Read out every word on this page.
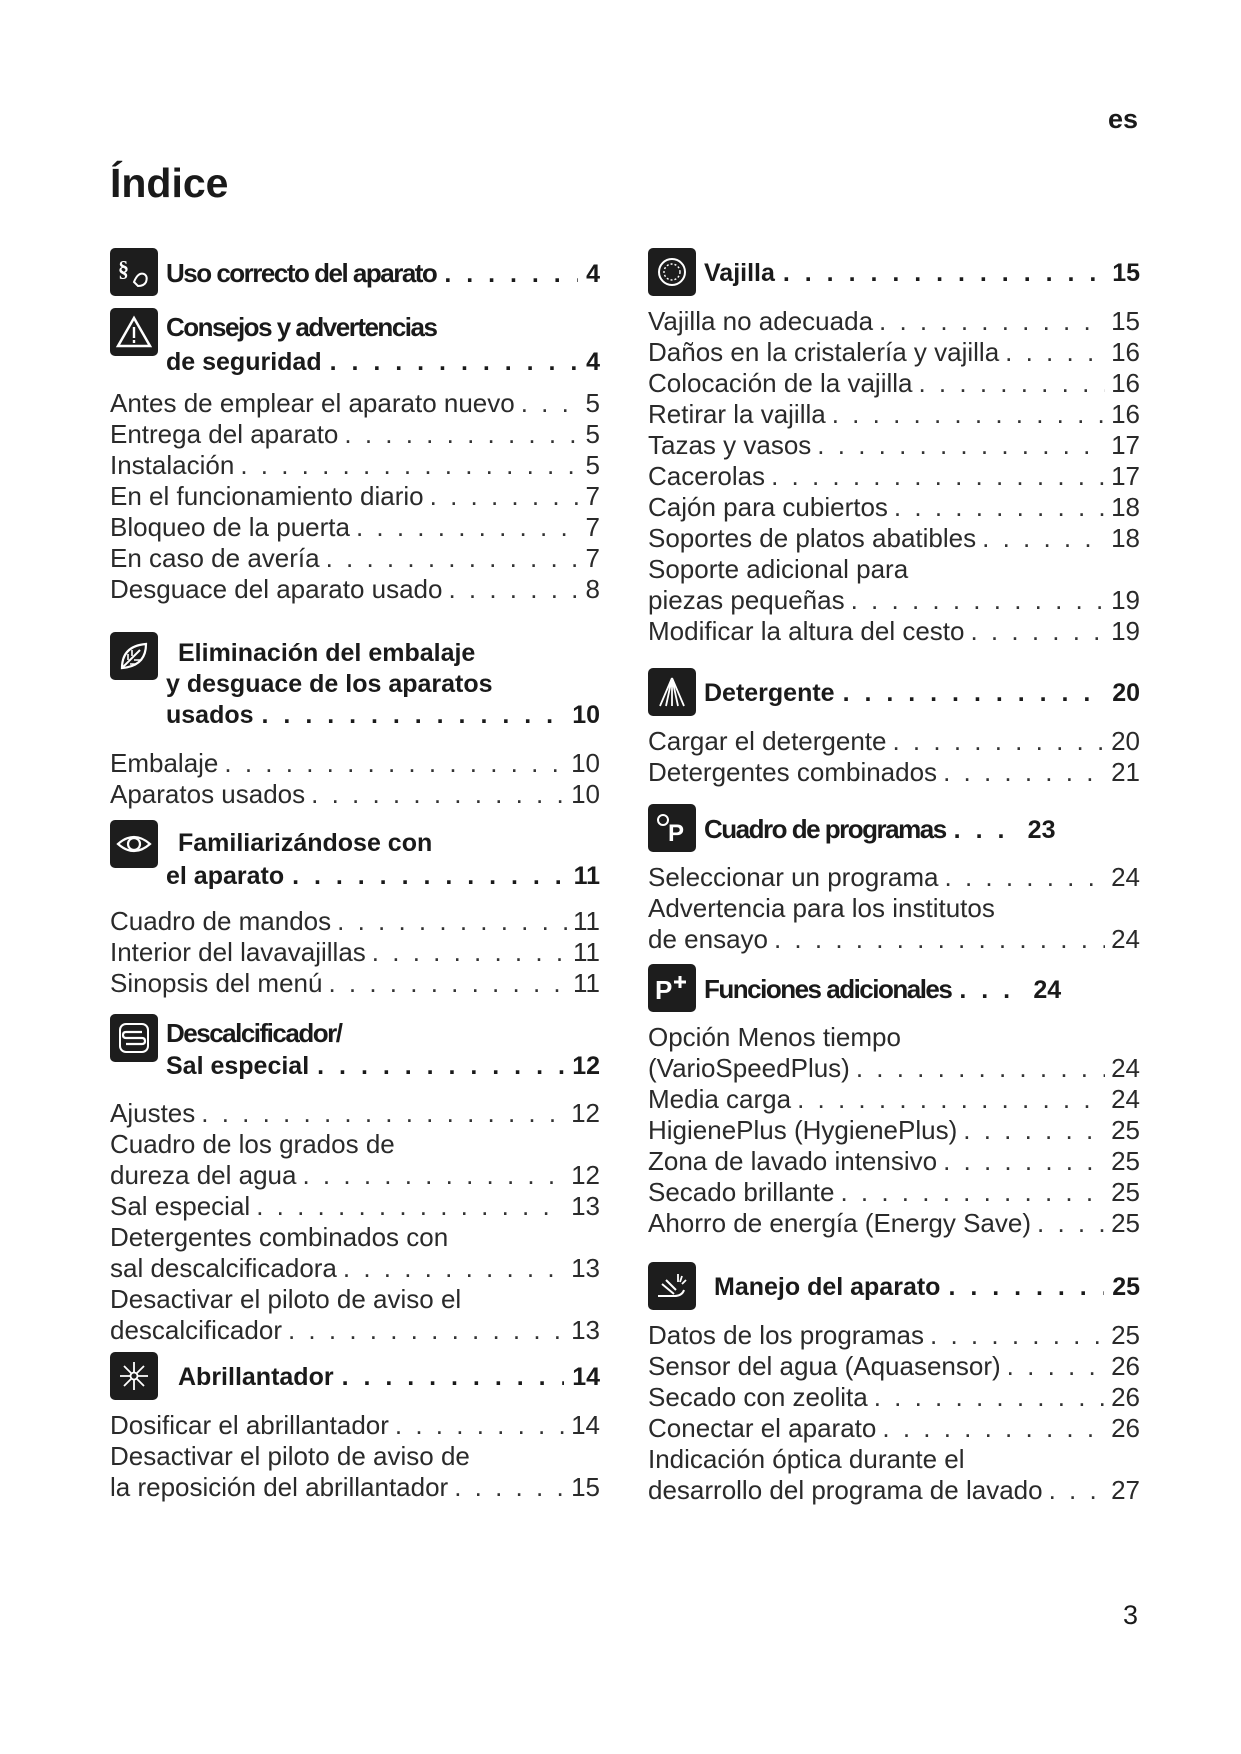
es
Índice
§ Uso correcto del aparato . . .	4
Consejos y advertencias
de seguridad . . .	4
Antes de emplear el aparato nuevo . . .	5
Entrega del aparato . . .	5
Instalación . . .	5
En el funcionamiento diario . . .	7
Bloqueo de la puerta . . .	7
En caso de avería . . .	7
Desguace del aparato usado . . .	8
Eliminación del embalaje
y desguace de los aparatos
usados . . .	10
Embalaje . . .	10
Aparatos usados . . .	10
Familiarizándose con
el aparato . . .	11
Cuadro de mandos . . .	11
Interior del lavavajillas . . .	11
Sinopsis del menú . . .	11
Descalcificador/
Sal especial . . .	12
Ajustes . . .	12
Cuadro de los grados de
dureza del agua . . .	12
Sal especial . . .	13
Detergentes combinados con
sal descalcificadora . . .	13
Desactivar el piloto de aviso el
descalcificador . . .	13
Abrillantador . . .	14
Dosificar el abrillantador . . .	14
Desactivar el piloto de aviso de
la reposición del abrillantador . . .	15
Vajilla . . .	15
Vajilla no adecuada . . .	15
Daños en la cristalería y vajilla . . .	16
Colocación de la vajilla . . .	16
Retirar la vajilla . . .	16
Tazas y vasos . . .	17
Cacerolas . . .	17
Cajón para cubiertos . . .	18
Soportes de platos abatibles . . .	18
Soporte adicional para
piezas pequeñas . . .	19
Modificar la altura del cesto . . .	19
Detergente . . .	20
Cargar el detergente . . .	20
Detergentes combinados . . .	21
P Cuadro de programas . . .	23
Seleccionar un programa . . .	24
Advertencia para los institutos
de ensayo . . .	24
P Funciones adicionales . . .	24
Opción Menos tiempo
(VarioSpeedPlus) . . .	24
Media carga . . .	24
HigienePlus (HygienePlus) . . .	25
Zona de lavado intensivo . . .	25
Secado brillante . . .	25
Ahorro de energía (Energy Save) . . .	25
Manejo del aparato . . .	25
Datos de los programas . . .	25
Sensor del agua (Aquasensor) . . .	26
Secado con zeolita . . .	26
Conectar el aparato . . .	26
Indicación óptica durante el
desarrollo del programa de lavado . . .	27
3
